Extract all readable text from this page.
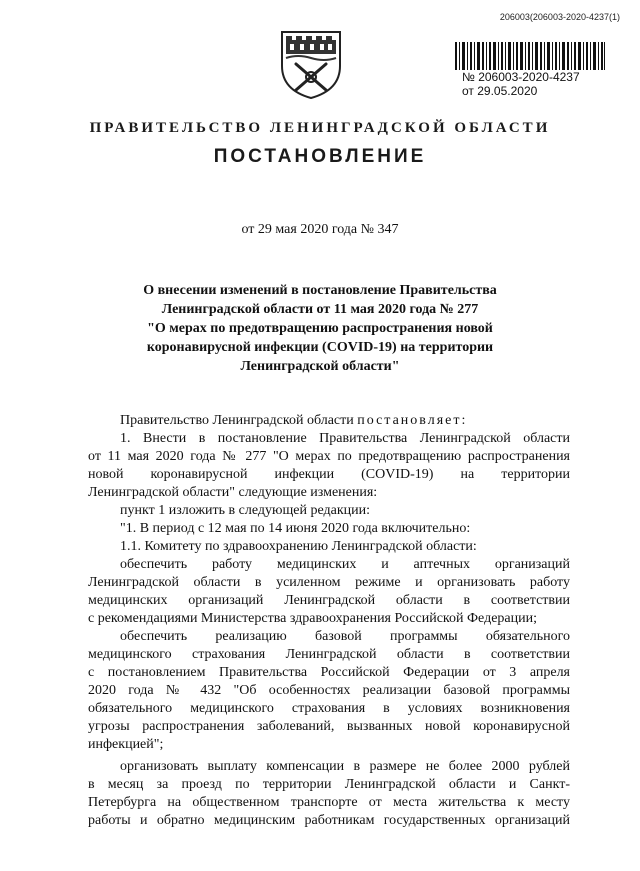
206003(206003-2020-4237(1)
№ 206003-2020-4237
от 29.05.2020
ПРАВИТЕЛЬСТВО ЛЕНИНГРАДСКОЙ ОБЛАСТИ
ПОСТАНОВЛЕНИЕ
от 29 мая 2020 года № 347
О внесении изменений в постановление Правительства
Ленинградской области от 11 мая 2020 года № 277
"О мерах по предотвращению распространения новой
коронавирусной инфекции (COVID-19) на территории
Ленинградской области"
Правительство Ленинградской области постановляет:
1. Внести в постановление Правительства Ленинградской области
от 11 мая 2020 года № 277 "О мерах по предотвращению распространения
новой коронавирусной инфекции (COVID-19) на территории
Ленинградской области" следующие изменения:
пункт 1 изложить в следующей редакции:
"1. В период с 12 мая по 14 июня 2020 года включительно:
1.1. Комитету по здравоохранению Ленинградской области:
обеспечить работу медицинских и аптечных организаций
Ленинградской области в усиленном режиме и организовать работу
медицинских организаций Ленинградской области в соответствии
с рекомендациями Министерства здравоохранения Российской Федерации;
обеспечить реализацию базовой программы обязательного
медицинского страхования Ленинградской области в соответствии
с постановлением Правительства Российской Федерации от 3 апреля
2020 года № 432 "Об особенностях реализации базовой программы
обязательного медицинского страхования в условиях возникновения
угрозы распространения заболеваний, вызванных новой коронавирусной
инфекцией";
организовать выплату компенсации в размере не более 2000 рублей
в месяц за проезд по территории Ленинградской области и Санкт-
Петербурга на общественном транспорте от места жительства к месту
работы и обратно медицинским работникам государственных организаций
